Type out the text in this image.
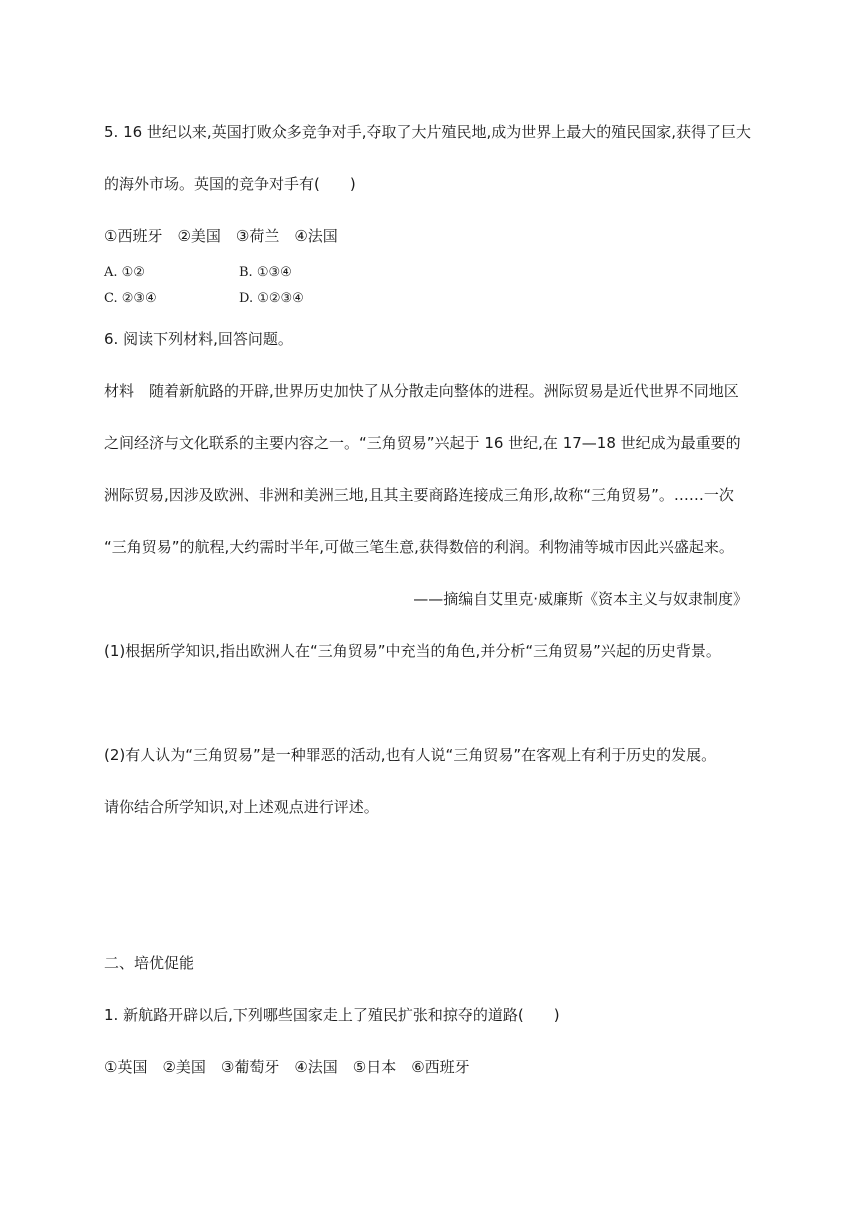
5. 16 世纪以来,英国打败众多竞争对手,夺取了大片殖民地,成为世界上最大的殖民国家,获得了巨大
的海外市场。英国的竞争对手有(　　)
①西班牙　②美国　③荷兰　④法国
A. ①②	B. ①③④
C. ②③④	D. ①②③④
6. 阅读下列材料,回答问题。
材料　随着新航路的开辟,世界历史加快了从分散走向整体的进程。洲际贸易是近代世界不同地区
之间经济与文化联系的主要内容之一。“三角贸易”兴起于 16 世纪,在 17—18 世纪成为最重要的
洲际贸易,因涉及欧洲、非洲和美洲三地,且其主要商路连接成三角形,故称“三角贸易”。……一次
“三角贸易”的航程,大约需时半年,可做三笔生意,获得数倍的利润。利物浦等城市因此兴盛起来。
——摘编自艾里克·威廉斯《资本主义与奴隶制度》
(1)根据所学知识,指出欧洲人在“三角贸易”中充当的角色,并分析“三角贸易”兴起的历史背景。
(2)有人认为“三角贸易”是一种罪恶的活动,也有人说“三角贸易”在客观上有利于历史的发展。
请你结合所学知识,对上述观点进行评述。
二、培优促能
1. 新航路开辟以后,下列哪些国家走上了殖民扩张和掠夺的道路(　　)
①英国　②美国　③葡萄牙　④法国　⑤日本　⑥西班牙
